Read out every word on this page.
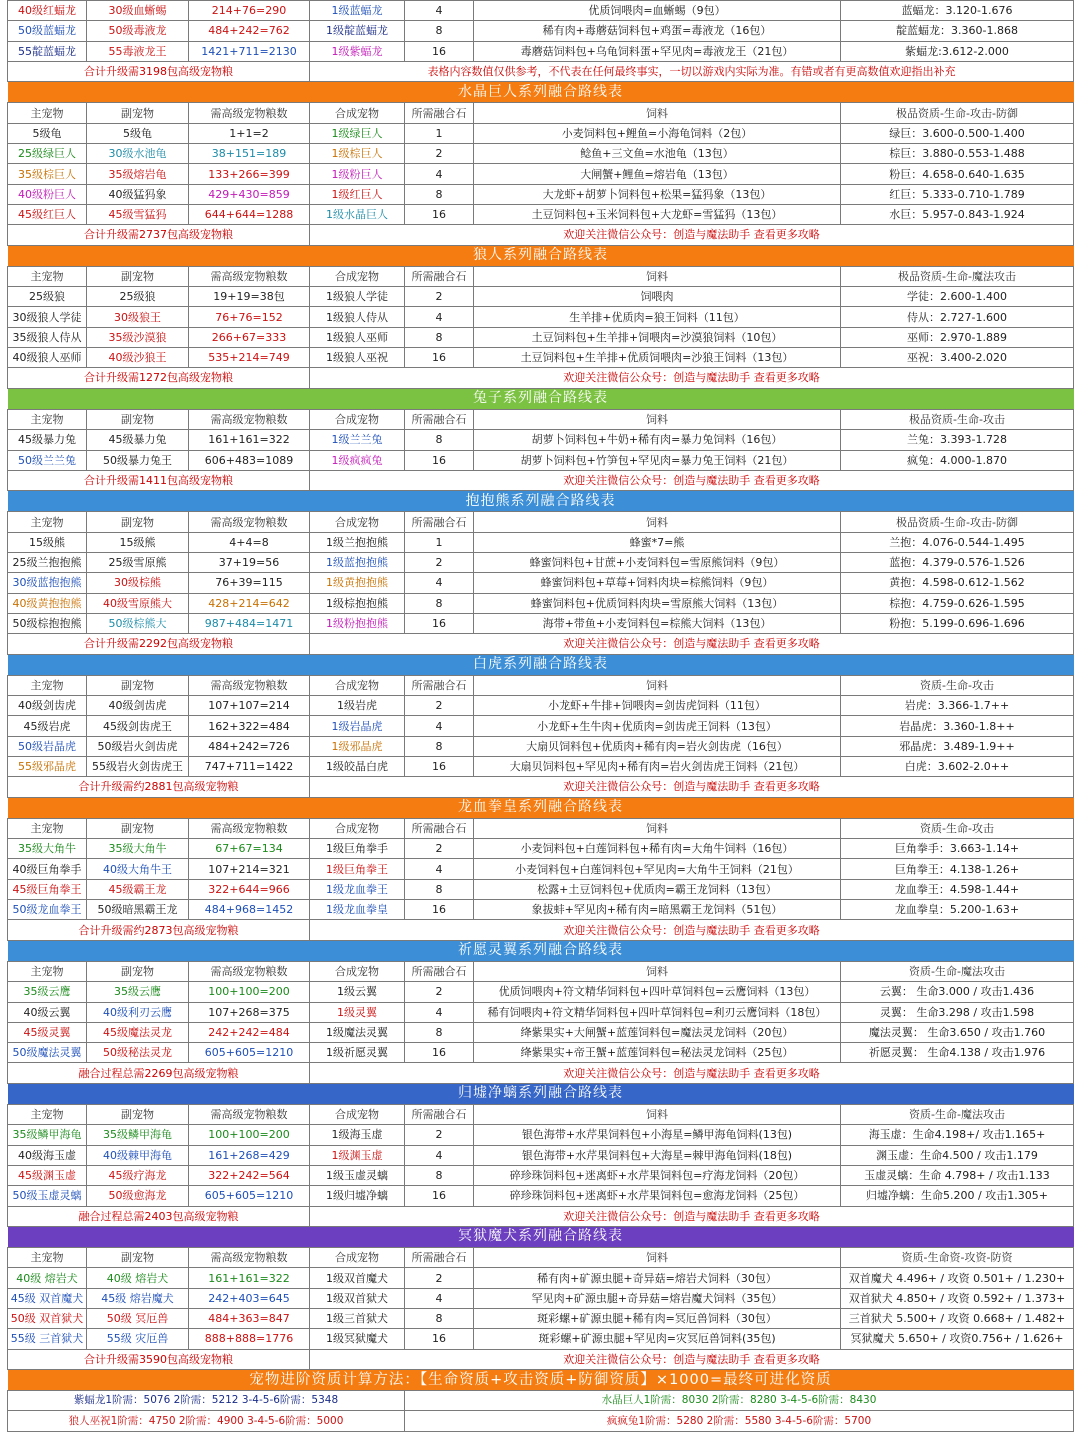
40级红蝠龙	30级血蜥蜴	214+76=290	1级蓝蝠龙	4	优质饲喂肉=血蜥蜴（9包）	蓝蝠龙：3.120-1.676
50级蓝蝠龙	50级毒液龙	484+242=762	1级靛蓝蝠龙	8	稀有肉+毒蘑菇饲料包+鸡蛋=毒液龙（16包）	靛蓝蝠龙：3.360-1.868
55靛蓝蝠龙	55毒液龙王	1421+711=2130	1级紫蝠龙	16	毒蘑菇饲料包+乌龟饲料蛋+罕见肉=毒液龙王（21包）	紫蝠龙:3.612-2.000
合计升级需3198包高级宠物粮			表格内容数值仅供参考，不代表在任何最终事实，一切以游戏内实际为准。有错或者有更高数值欢迎指出补充			
水晶巨人系列融合路线表						
主宠物	副宠物	需高级宠物粮数	合成宠物	所需融合石	饲料	极品资质-生命-攻击-防御
5级龟	5级龟	1+1=2	1级绿巨人	1	小麦饲料包+鲤鱼=小海龟饲料（2包）	绿巨：3.600-0.500-1.400
25级绿巨人	30级水池龟	38+151=189	1级棕巨人	2	鲶鱼+三文鱼=水池龟（13包）	棕巨：3.880-0.553-1.488
35级棕巨人	35级熔岩龟	133+266=399	1级粉巨人	4	大闸蟹+鲤鱼=熔岩龟（13包）	粉巨：4.658-0.640-1.635
40级粉巨人	40级猛犸象	429+430=859	1级红巨人	8	大龙虾+胡萝卜饲料包+松果=猛犸象（13包）	红巨：5.333-0.710-1.789
45级红巨人	45级雪猛犸	644+644=1288	1级水晶巨人	16	土豆饲料包+玉米饲料包+大龙虾=雪猛犸（13包）	水巨：5.957-0.843-1.924
合计升级需2737包高级宠物粮			欢迎关注微信公众号：创造与魔法助手 查看更多攻略			
狼人系列融合路线表						
主宠物	副宠物	需高级宠物粮数	合成宠物	所需融合石	饲料	极品资质-生命-魔法攻击
25级狼	25级狼	19+19=38包	1级狼人学徒	2	饲喂肉	学徒：2.600-1.400
30级狼人学徒	30级狼王	76+76=152	1级狼人侍从	4	生羊排+优质肉=狼王饲料（11包）	侍从：2.727-1.600
35级狼人侍从	35级沙漠狼	266+67=333	1级狼人巫师	8	土豆饲料包+生羊排+饲喂肉=沙漠狼饲料（10包）	巫师：2.970-1.889
40级狼人巫师	40级沙狼王	535+214=749	1级狼人巫祝	16	土豆饲料包+生羊排+优质饲喂肉=沙狼王饲料（13包）	巫祝：3.400-2.020
合计升级需1272包高级宠物粮			欢迎关注微信公众号：创造与魔法助手 查看更多攻略			
兔子系列融合路线表						
主宠物	副宠物	需高级宠物粮数	合成宠物	所需融合石	饲料	极品资质-生命-攻击
45级暴力兔	45级暴力兔	161+161=322	1级兰兰兔	8	胡萝卜饲料包+牛奶+稀有肉=暴力兔饲料（16包）	兰兔：3.393-1.728
50级兰兰兔	50级暴力兔王	606+483=1089	1级疯疯兔	16	胡萝卜饲料包+竹笋包+罕见肉=暴力兔王饲料（21包）	疯兔：4.000-1.870
合计升级需1411包高级宠物粮			欢迎关注微信公众号：创造与魔法助手 查看更多攻略			
抱抱熊系列融合路线表						
主宠物	副宠物	需高级宠物粮数	合成宠物	所需融合石	饲料	极品资质-生命-攻击-防御
15级熊	15级熊	4+4=8	1级兰抱抱熊	1	蜂蜜*7=熊	兰抱：4.076-0.544-1.495
25级兰抱抱熊	25级雪原熊	37+19=56	1级蓝抱抱熊	2	蜂蜜饲料包+甘蔗+小麦饲料包=雪原熊饲料（9包）	蓝抱：4.379-0.576-1.526
30级蓝抱抱熊	30级棕熊	76+39=115	1级黄抱抱熊	4	蜂蜜饲料包+草莓+饲料肉块=棕熊饲料（9包）	黄抱：4.598-0.612-1.562
40级黄抱抱熊	40级雪原熊大	428+214=642	1级棕抱抱熊	8	蜂蜜饲料包+优质饲料肉块=雪原熊大饲料（13包）	棕抱：4.759-0.626-1.595
50级棕抱抱熊	50级棕熊大	987+484=1471	1级粉抱抱熊	16	海带+带鱼+小麦饲料包=棕熊大饲料（13包）	粉抱：5.199-0.696-1.696
合计升级需2292包高级宠物粮			欢迎关注微信公众号：创造与魔法助手 查看更多攻略			
白虎系列融合路线表						
主宠物	副宠物	需高级宠物粮数	合成宠物	所需融合石	饲料	资质-生命-攻击
40级剑齿虎	40级剑齿虎	107+107=214	1级岩虎	2	小龙虾+牛排+饲喂肉=剑齿虎饲料（11包）	岩虎：3.366-1.7++
45级岩虎	45级剑齿虎王	162+322=484	1级岩晶虎	4	小龙虾+生牛肉+优质肉=剑齿虎王饲料（13包）	岩晶虎：3.360-1.8++
50级岩晶虎	50级岩火剑齿虎	484+242=726	1级邪晶虎	8	大扇贝饲料包+优质肉+稀有肉=岩火剑齿虎（16包）	邪晶虎：3.489-1.9++
55级邪晶虎	55级岩火剑齿虎王	747+711=1422	1级皎晶白虎	16	大扇贝饲料包+罕见肉+稀有肉=岩火剑齿虎王饲料（21包）	白虎：3.602-2.0++
合计升级需约2881包高级宠物粮			欢迎关注微信公众号：创造与魔法助手 查看更多攻略			
龙血拳皇系列融合路线表						
主宠物	副宠物	需高级宠物粮数	合成宠物	所需融合石	饲料	资质-生命-攻击
35级大角牛	35级大角牛	67+67=134	1级巨角拳手	2	小麦饲料包+白莲饲料包+稀有肉=大角牛饲料（16包）	巨角拳手：3.663-1.14+
40级巨角拳手	40级大角牛王	107+214=321	1级巨角拳王	4	小麦饲料包+白莲饲料包+罕见肉=大角牛王饲料（21包）	巨角拳王：4.138-1.26+
45级巨角拳王	45级霸王龙	322+644=966	1级龙血拳王	8	松露+土豆饲料包+优质肉=霸王龙饲料（13包）	龙血拳王：4.598-1.44+
50级龙血拳王	50级暗黑霸王龙	484+968=1452	1级龙血拳皇	16	象拔蚌+罕见肉+稀有肉=暗黑霸王龙饲料（51包）	龙血拳皇：5.200-1.63+
合计升级需约2873包高级宠物粮			欢迎关注微信公众号：创造与魔法助手 查看更多攻略			
祈愿灵翼系列融合路线表						
主宠物	副宠物	需高级宠物粮数	合成宠物	所需融合石	饲料	资质-生命-魔法攻击
35级云鹰	35级云鹰	100+100=200	1级云翼	2	优质饲喂肉+符文精华饲料包+四叶草饲料包=云鹰饲料（13包）	云翼： 生命3.000 / 攻击1.436
40级云翼	40级利刃云鹰	107+268=375	1级灵翼	4	稀有饲喂肉+符文精华饲料包+四叶草饲料包=利刃云鹰饲料（18包）	灵翼： 生命3.298 / 攻击1.598
45级灵翼	45级魔法灵龙	242+242=484	1级魔法灵翼	8	绛紫果实+大闸蟹+蓝莲饲料包=魔法灵龙饲料（20包）	魔法灵翼： 生命3.650 / 攻击1.760
50级魔法灵翼	50级秘法灵龙	605+605=1210	1级祈愿灵翼	16	绛紫果实+帝王蟹+蓝莲饲料包=秘法灵龙饲料（25包）	祈愿灵翼： 生命4.138 / 攻击1.976
融合过程总需2269包高级宠物粮			欢迎关注微信公众号：创造与魔法助手 查看更多攻略			
归墟净螭系列融合路线表						
主宠物	副宠物	需高级宠物粮数	合成宠物	所需融合石	饲料	资质-生命-魔法攻击
35级鳞甲海龟	35级鳞甲海龟	100+100=200	1级海玉虚	2	银色海带+水芹果饲料包+小海星=鳞甲海龟饲料(13包)	海玉虚：生命4.198+/ 攻击1.165+
40级海玉虚	40级棘甲海龟	161+268=429	1级渊玉虚	4	银色海带+水芹果饲料包+大海星=棘甲海龟饲料(18包)	渊玉虚：生命4.500 / 攻击1.179
45级渊玉虚	45级疗海龙	322+242=564	1级玉虚灵螭	8	碎珍珠饲料包+迷离虾+水芹果饲料包=疗海龙饲料（20包）	玉虚灵螭：生命 4.798+ / 攻击1.133
50级玉虚灵螭	50级愈海龙	605+605=1210	1级归墟净螭	16	碎珍珠饲料包+迷离虾+水芹果饲料包=愈海龙饲料（25包）	归墟净螭：生命5.200 / 攻击1.305+
融合过程总需2403包高级宠物粮			欢迎关注微信公众号：创造与魔法助手 查看更多攻略			
冥狱魔犬系列融合路线表						
主宠物	副宠物	需高级宠物粮数	合成宠物	所需融合石	饲料	资质-生命资-攻资-防资
40级 熔岩犬	40级 熔岩犬	161+161=322	1级双首魔犬	2	稀有肉+矿源虫腿+奇异菇=熔岩犬饲料（30包）	双首魔犬 4.496+ / 攻资 0.501+ / 1.230+
45级 双首魔犬	45级 熔岩魔犬	242+403=645	1级双首狱犬	4	罕见肉+矿源虫腿+奇异菇=熔岩魔犬饲料（35包）	双首狱犬 4.850+ / 攻资 0.592+ / 1.373+
50级 双首狱犬	50级 冥厄兽	484+363=847	1级三首狱犬	8	斑彩螺+矿源虫腿+稀有肉=冥厄兽饲料（30包）	三首狱犬 5.500+ / 攻资 0.668+ / 1.482+
55级 三首狱犬	55级 灾厄兽	888+888=1776	1级冥狱魔犬	16	斑彩螺+矿源虫腿+罕见肉=灾冥厄兽饲料(35包)	冥狱魔犬 5.650+ / 攻资0.756+ / 1.626+
合计升级需3590包高级宠物粮			欢迎关注微信公众号：创造与魔法助手 查看更多攻略			
宠物进阶资质计算方法：【生命资质+攻击资质+防御资质】×1000=最终可进化资质						
紫蝠龙1阶需：5076 2阶需：5212 3-4-5-6阶需：5348				水晶巨人1阶需：8030 2阶需：8280 3-4-5-6阶需：8430		
狼人巫祝1阶需：4750 2阶需：4900 3-4-5-6阶需：5000				疯疯兔1阶需：5280 2阶需：5580 3-4-5-6阶需：5700		
